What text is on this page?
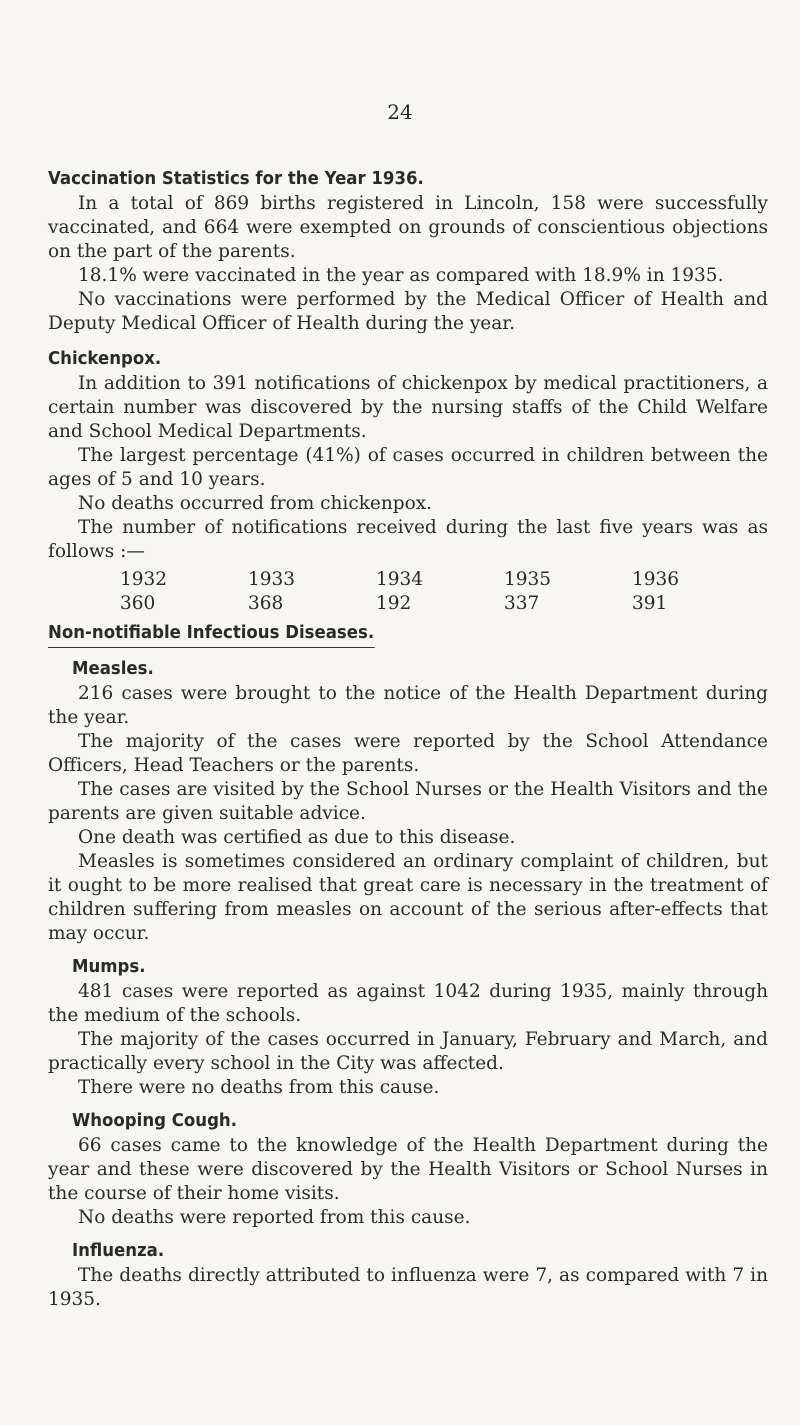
24
Vaccination Statistics for the Year 1936.

In a total of 869 births registered in Lincoln, 158 were successfully vaccinated, and 664 were exempted on grounds of conscientious objections on the part of the parents.

18.1% were vaccinated in the year as compared with 18.9% in 1935.

No vaccinations were performed by the Medical Officer of Health and Deputy Medical Officer of Health during the year.

Chickenpox.

In addition to 391 notifications of chickenpox by medical practitioners, a certain number was discovered by the nursing staffs of the Child Welfare and School Medical Departments.

The largest percentage (41%) of cases occurred in children between the ages of 5 and 10 years.

No deaths occurred from chickenpox.

The number of notifications received during the last five years was as follows :—

1932	1933	1934	1935	1936
360	368	192	337	391
Non-notifiable Infectious Diseases.
Measles.

216 cases were brought to the notice of the Health Department during the year.

The majority of the cases were reported by the School Attendance Officers, Head Teachers or the parents.

The cases are visited by the School Nurses or the Health Visitors and the parents are given suitable advice.

One death was certified as due to this disease.

Measles is sometimes considered an ordinary complaint of children, but it ought to be more realised that great care is necessary in the treatment of children suffering from measles on account of the serious after-effects that may occur.

Mumps.

481 cases were reported as against 1042 during 1935, mainly through the medium of the schools.

The majority of the cases occurred in January, February and March, and practically every school in the City was affected.

There were no deaths from this cause.

Whooping Cough.

66 cases came to the knowledge of the Health Department during the year and these were discovered by the Health Visitors or School Nurses in the course of their home visits.

No deaths were reported from this cause.

Influenza.

The deaths directly attributed to influenza were 7, as compared with 7 in 1935.
